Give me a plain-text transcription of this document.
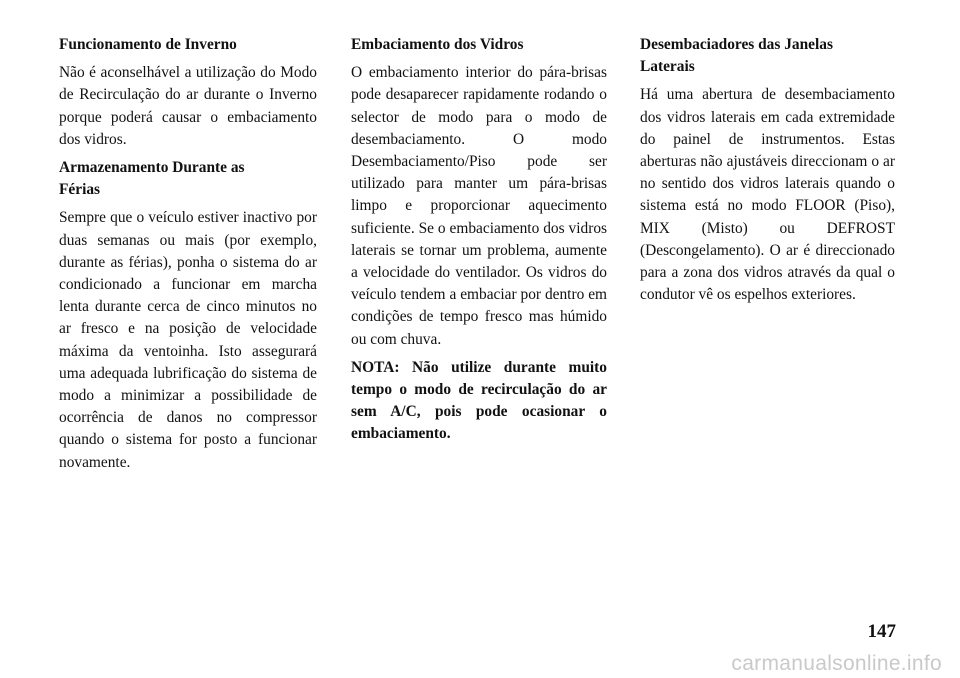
Funcionamento de Inverno
Não é aconselhável a utilização do Modo de Recirculação do ar durante o Inverno porque poderá causar o embaciamento dos vidros.
Armazenamento Durante as
Férias
Sempre que o veículo estiver inactivo por duas semanas ou mais (por exemplo, durante as férias), ponha o sistema do ar condicionado a funcionar em marcha lenta durante cerca de cinco minutos no ar fresco e na posição de velocidade máxima da ventoinha. Isto assegurará uma adequada lubrificação do sistema de modo a minimizar a possibilidade de ocorrência de danos no compressor quando o sistema for posto a funcionar novamente.
Embaciamento dos Vidros
O embaciamento interior do pára-brisas pode desaparecer rapidamente rodando o selector de modo para o modo de desembaciamento. O modo Desembaciamento/Piso pode ser utilizado para manter um pára-brisas limpo e proporcionar aquecimento suficiente. Se o embaciamento dos vidros laterais se tornar um problema, aumente a velocidade do ventilador. Os vidros do veículo tendem a embaciar por dentro em condições de tempo fresco mas húmido ou com chuva.
NOTA: Não utilize durante muito tempo o modo de recirculação do ar sem A/C, pois pode ocasionar o embaciamento.
Desembaciadores das Janelas
Laterais
Há uma abertura de desembaciamento dos vidros laterais em cada extremidade do painel de instrumentos. Estas aberturas não ajustáveis direccionam o ar no sentido dos vidros laterais quando o sistema está no modo FLOOR (Piso), MIX (Misto) ou DEFROST (Descongelamento). O ar é direccionado para a zona dos vidros através da qual o condutor vê os espelhos exteriores.
147
carmanualsonline.info
